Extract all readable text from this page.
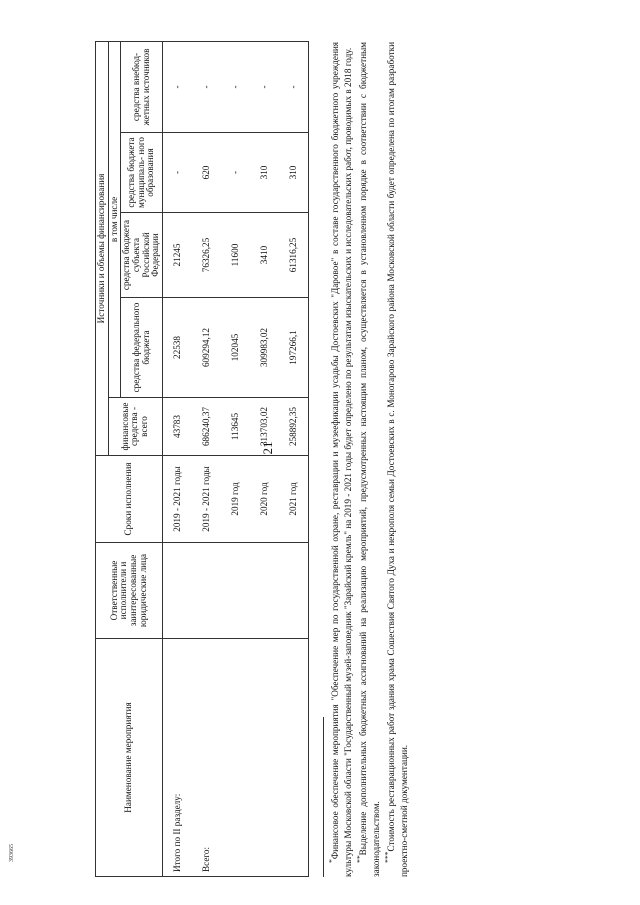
21
393665
Наименование мероприятия	Ответственные исполнители и заинтересованные юридические лица	Сроки исполнения	Источники и объемы финансирования				
			финансовые средства - всего	в том числе			
				средства федерального бюджета	средства бюджета субъекта Российской Федерации	средства бюджета муниципаль- ного образования	средства внебюд- жетных источников
Итого по II разделу:		2019 - 2021 годы	43783	22538	21245	-	-
Всего:		2019 - 2021 годы	686240,37	609294,12	76326,25	620	-
		2019 год	113645	102045	11600	-	-
		2020 год	313703,02	309983,02	3410	310	-
		2021 год	258892,35	197266,1	61316,25	310	-

*Финансовое обеспечение мероприятия "Обеспечение мер по государственной охране, реставрации и музеефикации усадьбы Достоевских "Даровое" в составе государственного бюджетного учреждения культуры Московской области "Государственный музей-заповедник "Зарайский кремль" на 2019 - 2021 годы будет определено по результатам изыскательских и исследовательских работ, проводимых в 2018 году. **Выделение дополнительных бюджетных ассигнований на реализацию мероприятий, предусмотренных настоящим планом, осуществляется в установленном порядке в соответствии с бюджетным законодательством. ***Стоимость реставрационных работ здания храма Сошествия Святого Духа и некрополя семьи Достоевских в с. Моногарово Зарайского района Московской области будет определена по итогам разработки проектно-сметной документации.
